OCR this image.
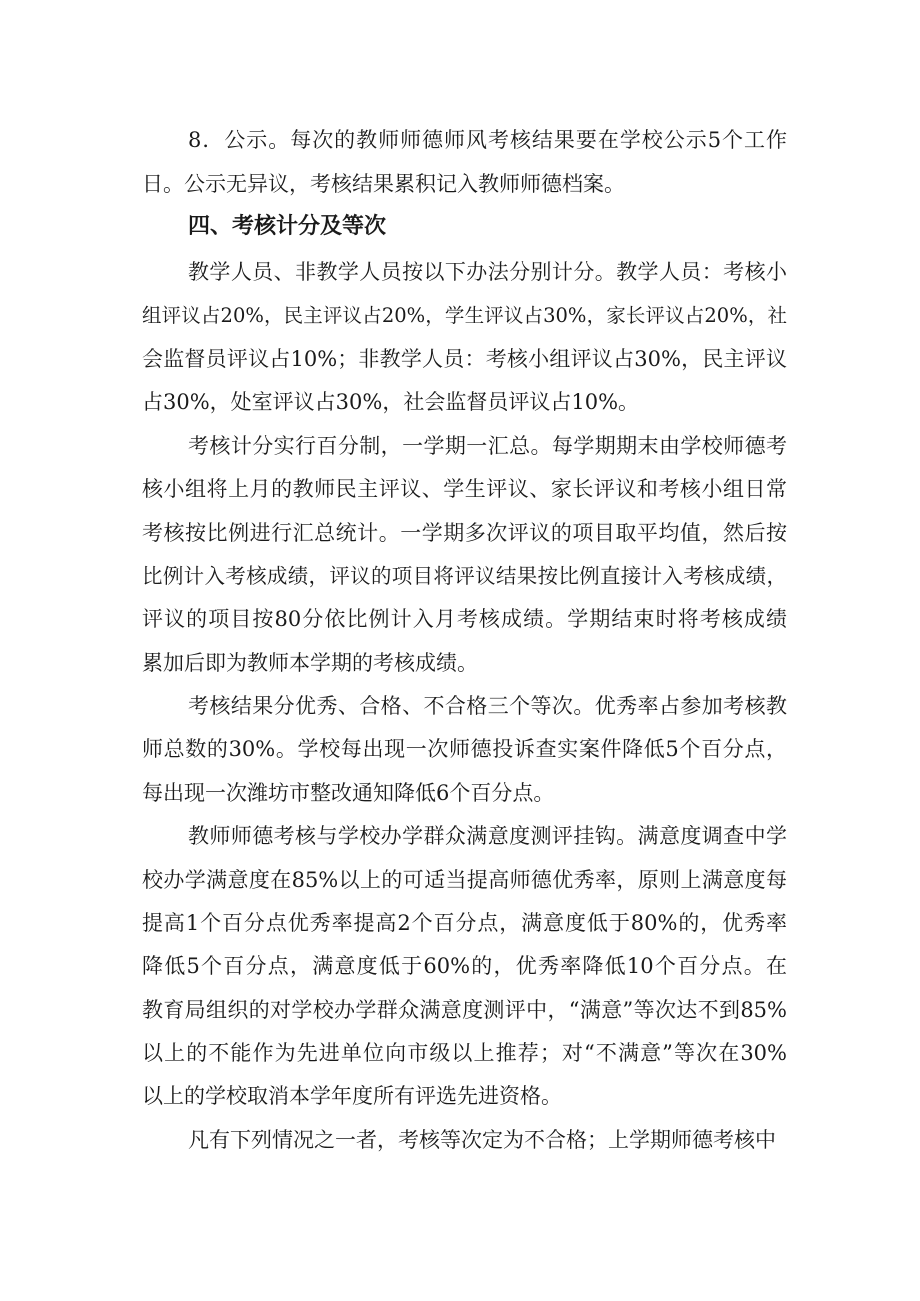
8．公示。每次的教师师德师风考核结果要在学校公示5个工作
日。公示无异议，考核结果累积记入教师师德档案。
四、考核计分及等次
教学人员、非教学人员按以下办法分别计分。教学人员：考核小
组评议占20%，民主评议占20%，学生评议占30%，家长评议占20%，社
会监督员评议占10%；非教学人员：考核小组评议占30%，民主评议
占30%，处室评议占30%，社会监督员评议占10%。
考核计分实行百分制，一学期一汇总。每学期期末由学校师德考
核小组将上月的教师民主评议、学生评议、家长评议和考核小组日常
考核按比例进行汇总统计。一学期多次评议的项目取平均值，然后按
比例计入考核成绩，评议的项目将评议结果按比例直接计入考核成绩，
评议的项目按80分依比例计入月考核成绩。学期结束时将考核成绩
累加后即为教师本学期的考核成绩。
考核结果分优秀、合格、不合格三个等次。优秀率占参加考核教
师总数的30%。学校每出现一次师德投诉查实案件降低5个百分点，
每出现一次潍坊市整改通知降低6个百分点。
教师师德考核与学校办学群众满意度测评挂钩。满意度调查中学
校办学满意度在85%以上的可适当提高师德优秀率，原则上满意度每
提高1个百分点优秀率提高2个百分点，满意度低于80%的，优秀率
降低5个百分点，满意度低于60%的，优秀率降低10个百分点。在
教育局组织的对学校办学群众满意度测评中，“满意”等次达不到85%
以上的不能作为先进单位向市级以上推荐；对“不满意”等次在30%
以上的学校取消本学年度所有评选先进资格。
凡有下列情况之一者，考核等次定为不合格；上学期师德考核中
